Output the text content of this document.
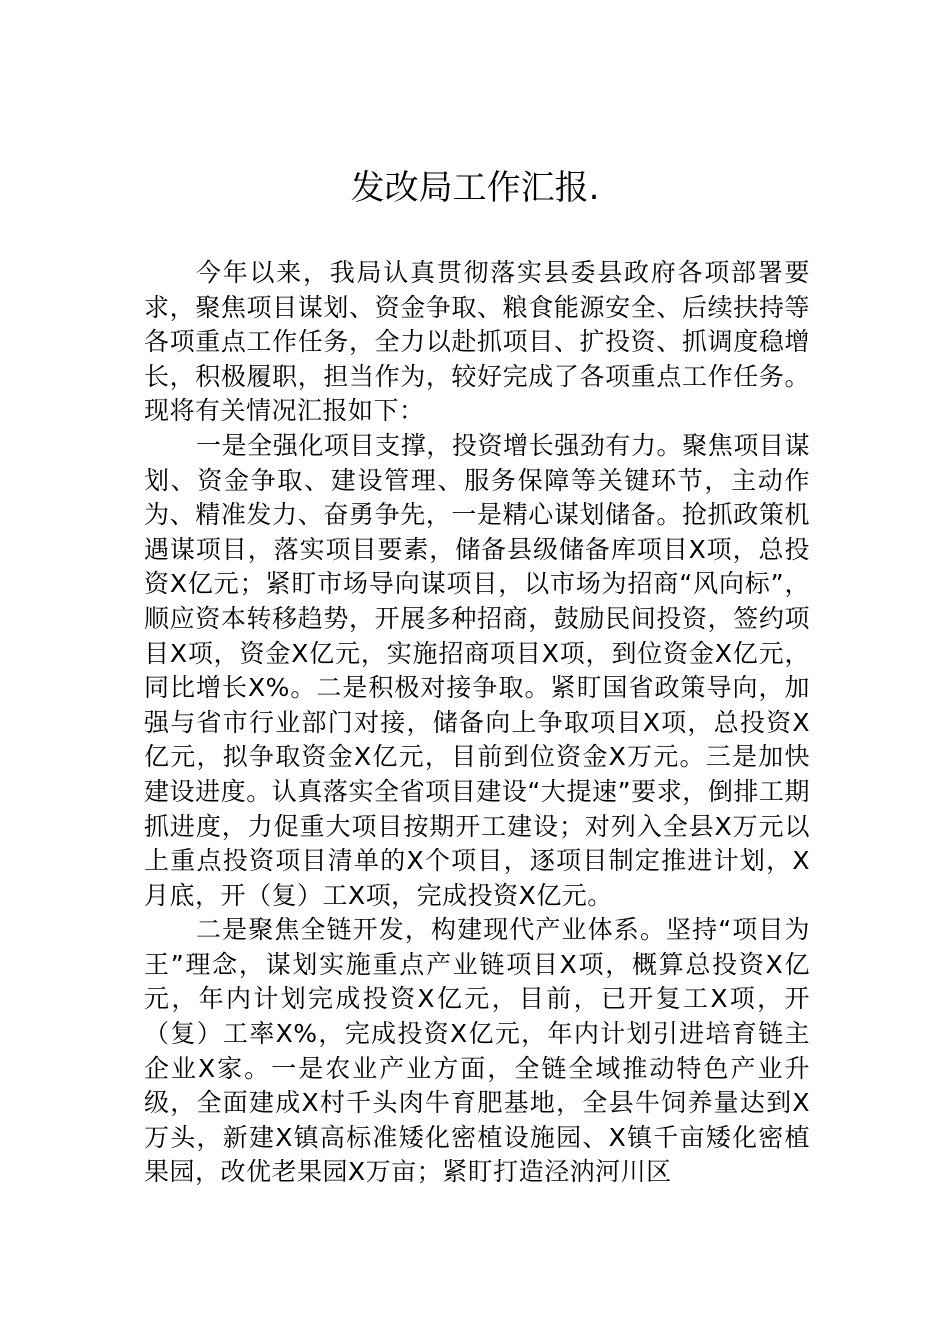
发改局工作汇报.

今年以来，我局认真贯彻落实县委县政府各项部署要求，聚焦项目谋划、资金争取、粮食能源安全、后续扶持等各项重点工作任务，全力以赴抓项目、扩投资、抓调度稳增长，积极履职，担当作为，较好完成了各项重点工作任务。现将有关情况汇报如下：

一是全强化项目支撑，投资增长强劲有力。聚焦项目谋划、资金争取、建设管理、服务保障等关键环节，主动作为、精准发力、奋勇争先，一是精心谋划储备。抢抓政策机遇谋项目，落实项目要素，储备县级储备库项目X项，总投资X亿元；紧盯市场导向谋项目，以市场为招商“风向标”，顺应资本转移趋势，开展多种招商，鼓励民间投资，签约项目X项，资金X亿元，实施招商项目X项，到位资金X亿元，同比增长X%。二是积极对接争取。紧盯国省政策导向，加强与省市行业部门对接，储备向上争取项目X项，总投资X亿元，拟争取资金X亿元，目前到位资金X万元。三是加快建设进度。认真落实全省项目建设“大提速”要求，倒排工期抓进度，力促重大项目按期开工建设；对列入全县X万元以上重点投资项目清单的X个项目，逐项目制定推进计划，X月底，开（复）工X项，完成投资X亿元。

二是聚焦全链开发，构建现代产业体系。坚持“项目为王”理念，谋划实施重点产业链项目X项，概算总投资X亿元，年内计划完成投资X亿元，目前，已开复工X项，开（复）工率X%，完成投资X亿元，年内计划引进培育链主企业X家。一是农业产业方面，全链全域推动特色产业升级，全面建成X村千头肉牛育肥基地，全县牛饲养量达到X万头，新建X镇高标准矮化密植设施园、X镇千亩矮化密植果园，改优老果园X万亩；紧盯打造泾汭河川区
